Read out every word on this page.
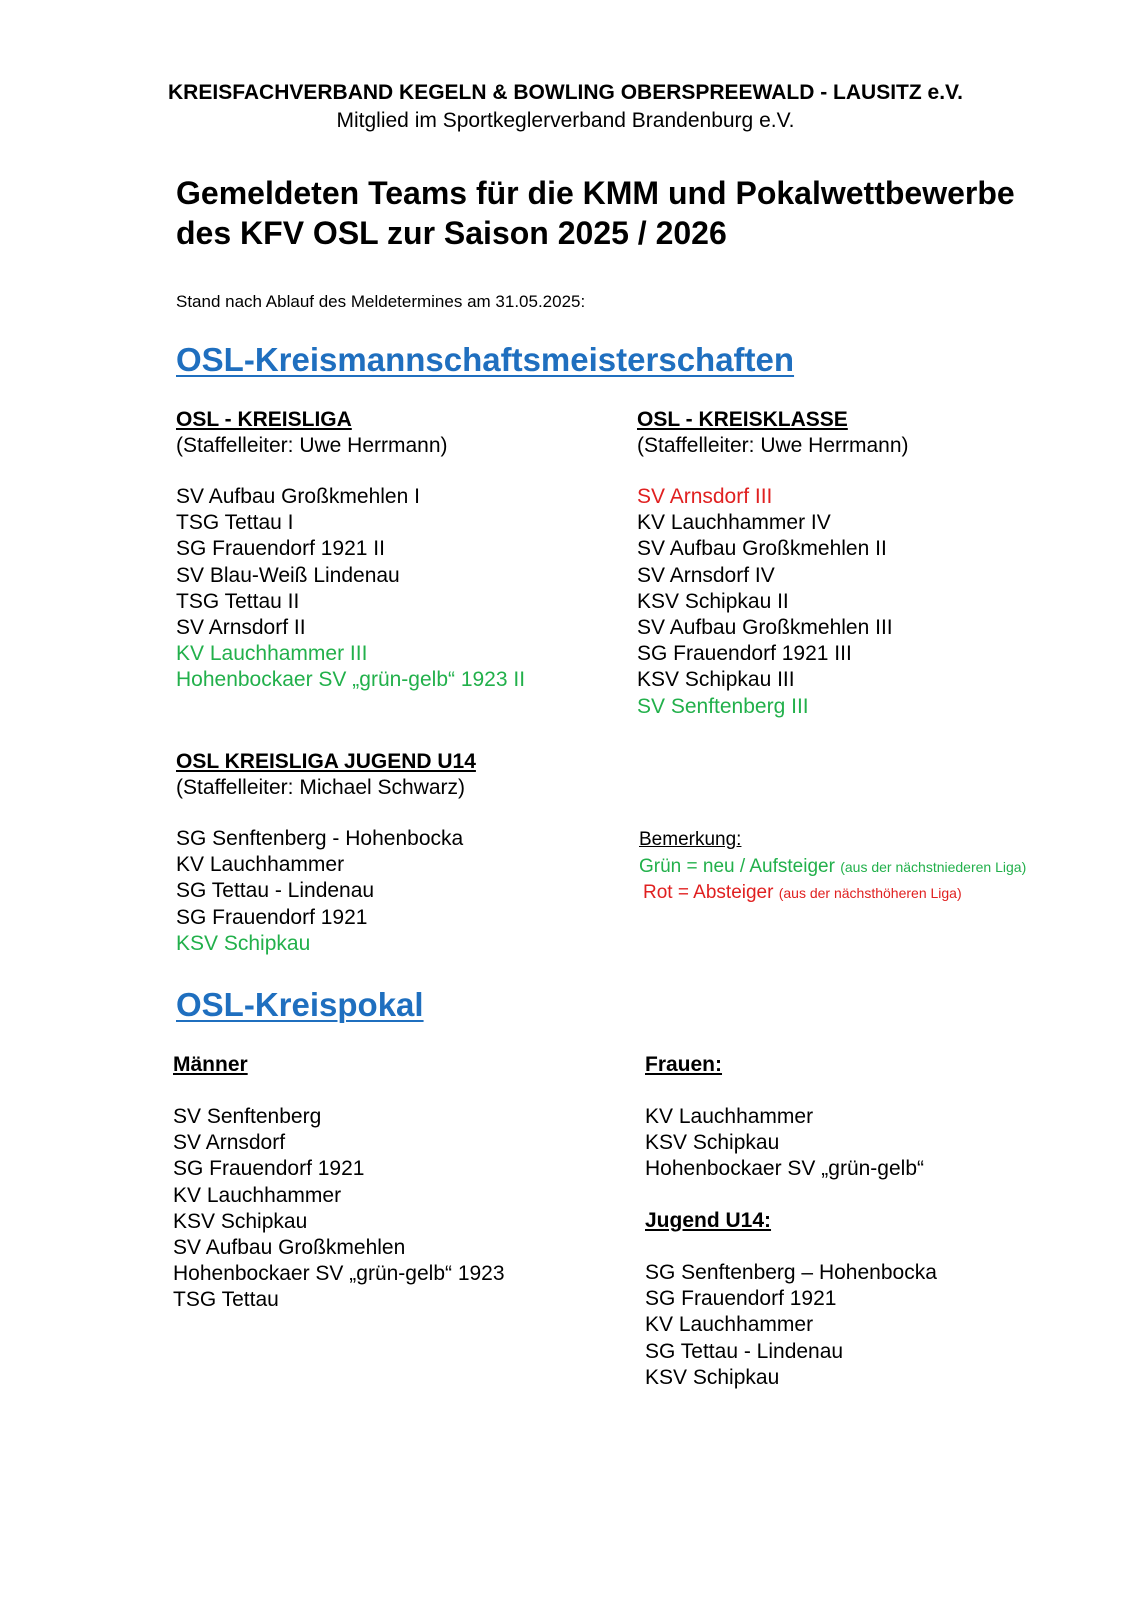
KREISFACHVERBAND KEGELN & BOWLING OBERSPREEWALD - LAUSITZ e.V.

Mitglied im Sportkeglerverband Brandenburg e.V.

Gemeldeten Teams für die KMM und Pokalwettbewerbe
des KFV OSL zur Saison 2025 / 2026

Stand nach Ablauf des Meldetermines am 31.05.2025:

OSL-Kreismannschaftsmeisterschaften
OSL - KREISLIGA
(Staffelleiter: Uwe Herrmann)
SV Aufbau Großkmehlen I
TSG Tettau I
SG Frauendorf 1921 II
SV Blau-Weiß Lindenau
TSG Tettau II
SV Arnsdorf II
KV Lauchhammer III
Hohenbockaer SV „grün-gelb“ 1923 II
OSL - KREISKLASSE
(Staffelleiter: Uwe Herrmann)
SV Arnsdorf III
KV Lauchhammer IV
SV Aufbau Großkmehlen II
SV Arnsdorf IV
KSV Schipkau II
SV Aufbau Großkmehlen III
SG Frauendorf 1921 III
KSV Schipkau III
SV Senftenberg III
OSL KREISLIGA JUGEND U14
(Staffelleiter: Michael Schwarz)
SG Senftenberg - Hohenbocka
KV Lauchhammer
SG Tettau - Lindenau
SG Frauendorf 1921
KSV Schipkau
Bemerkung:
Grün = neu / Aufsteiger (aus der nächstniederen Liga)
Rot = Absteiger (aus der nächsthöheren Liga)
OSL-Kreispokal
Männer
SV Senftenberg
SV Arnsdorf
SG Frauendorf 1921
KV Lauchhammer
KSV Schipkau
SV Aufbau Großkmehlen
Hohenbockaer SV „grün-gelb“ 1923
TSG Tettau
Frauen:
KV Lauchhammer
KSV Schipkau
Hohenbockaer SV „grün-gelb“
Jugend U14:
SG Senftenberg – Hohenbocka
SG Frauendorf 1921
KV Lauchhammer
SG Tettau - Lindenau
KSV Schipkau
